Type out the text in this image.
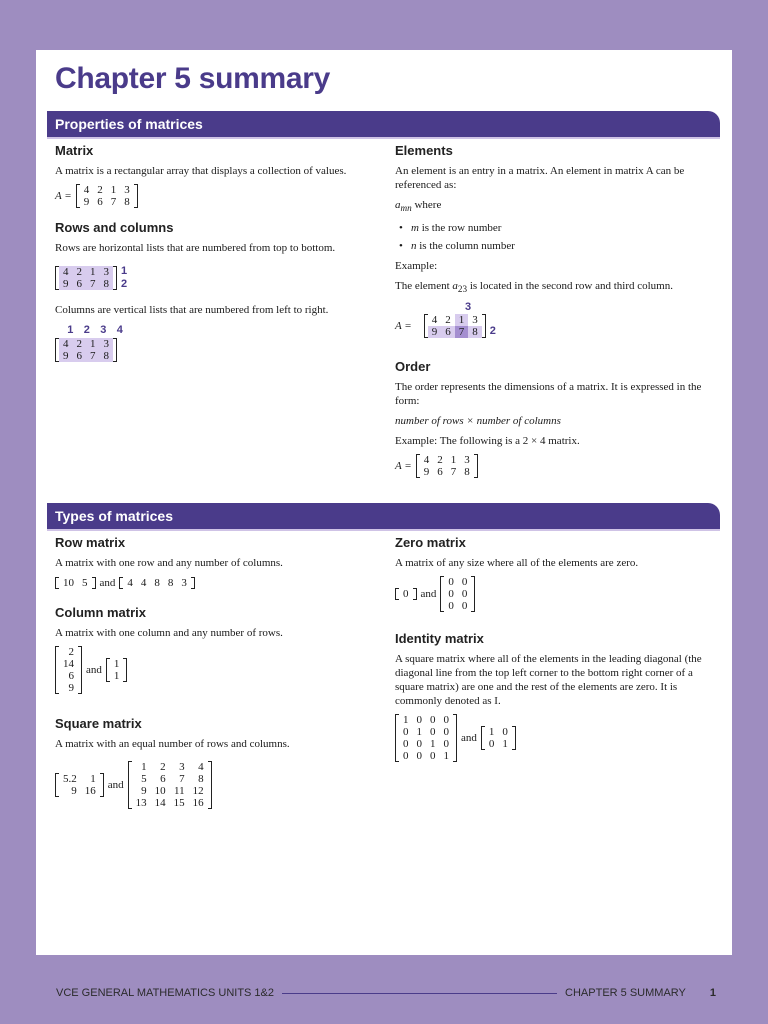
Chapter 5 summary
Properties of matrices
Matrix
A matrix is a rectangular array that displays a collection of values.
A = 4	2	1	3
9	6	7	8
Rows and columns
Rows are horizontal lists that are numbered from top to bottom.
4	2	1	3
9	6	7	8
1
2
Columns are vertical lists that are numbered from left to right.
1 2 3 4
4	2	1	3
9	6	7	8
Elements
An element is an entry in a matrix. An element in matrix A can be referenced as:
$a_{mn}$ where
• m is the row number
• n is the column number
Example:
The element $a_{23}$ is located in the second row and third column.
3
A = 4	2	1	3
9	6	7	8 2
Order
The order represents the dimensions of a matrix. It is expressed in the form:
number of rows × number of columns
Example: The following is a 2 × 4 matrix.
A = 4	2	1	3
9	6	7	8
Types of matrices
Row matrix
A matrix with one row and any number of columns.
10	5 and 4	4	8	8	3
Column matrix
A matrix with one column and any number of rows.
2
14
6
9
and 1
1
Square matrix
A matrix with an equal number of rows and columns.
5.2	1
9	16 and
1	2	3	4
5	6	7	8
9	10	11	12
13	14	15	16
Zero matrix
A matrix of any size where all of the elements are zero.
0 and
0	0
0	0
0	0
Identity matrix
A square matrix where all of the elements in the leading diagonal (the diagonal line from the top left corner to the bottom right corner of a square matrix) are one and the rest of the elements are zero. It is commonly denoted as I.
1	0	0	0
0	1	0	0
0	0	1	0
0	0	0	1
and 1	0
0	1
VCE GENERAL MATHEMATICS UNITS 1&2	CHAPTER 5 SUMMARY 1
